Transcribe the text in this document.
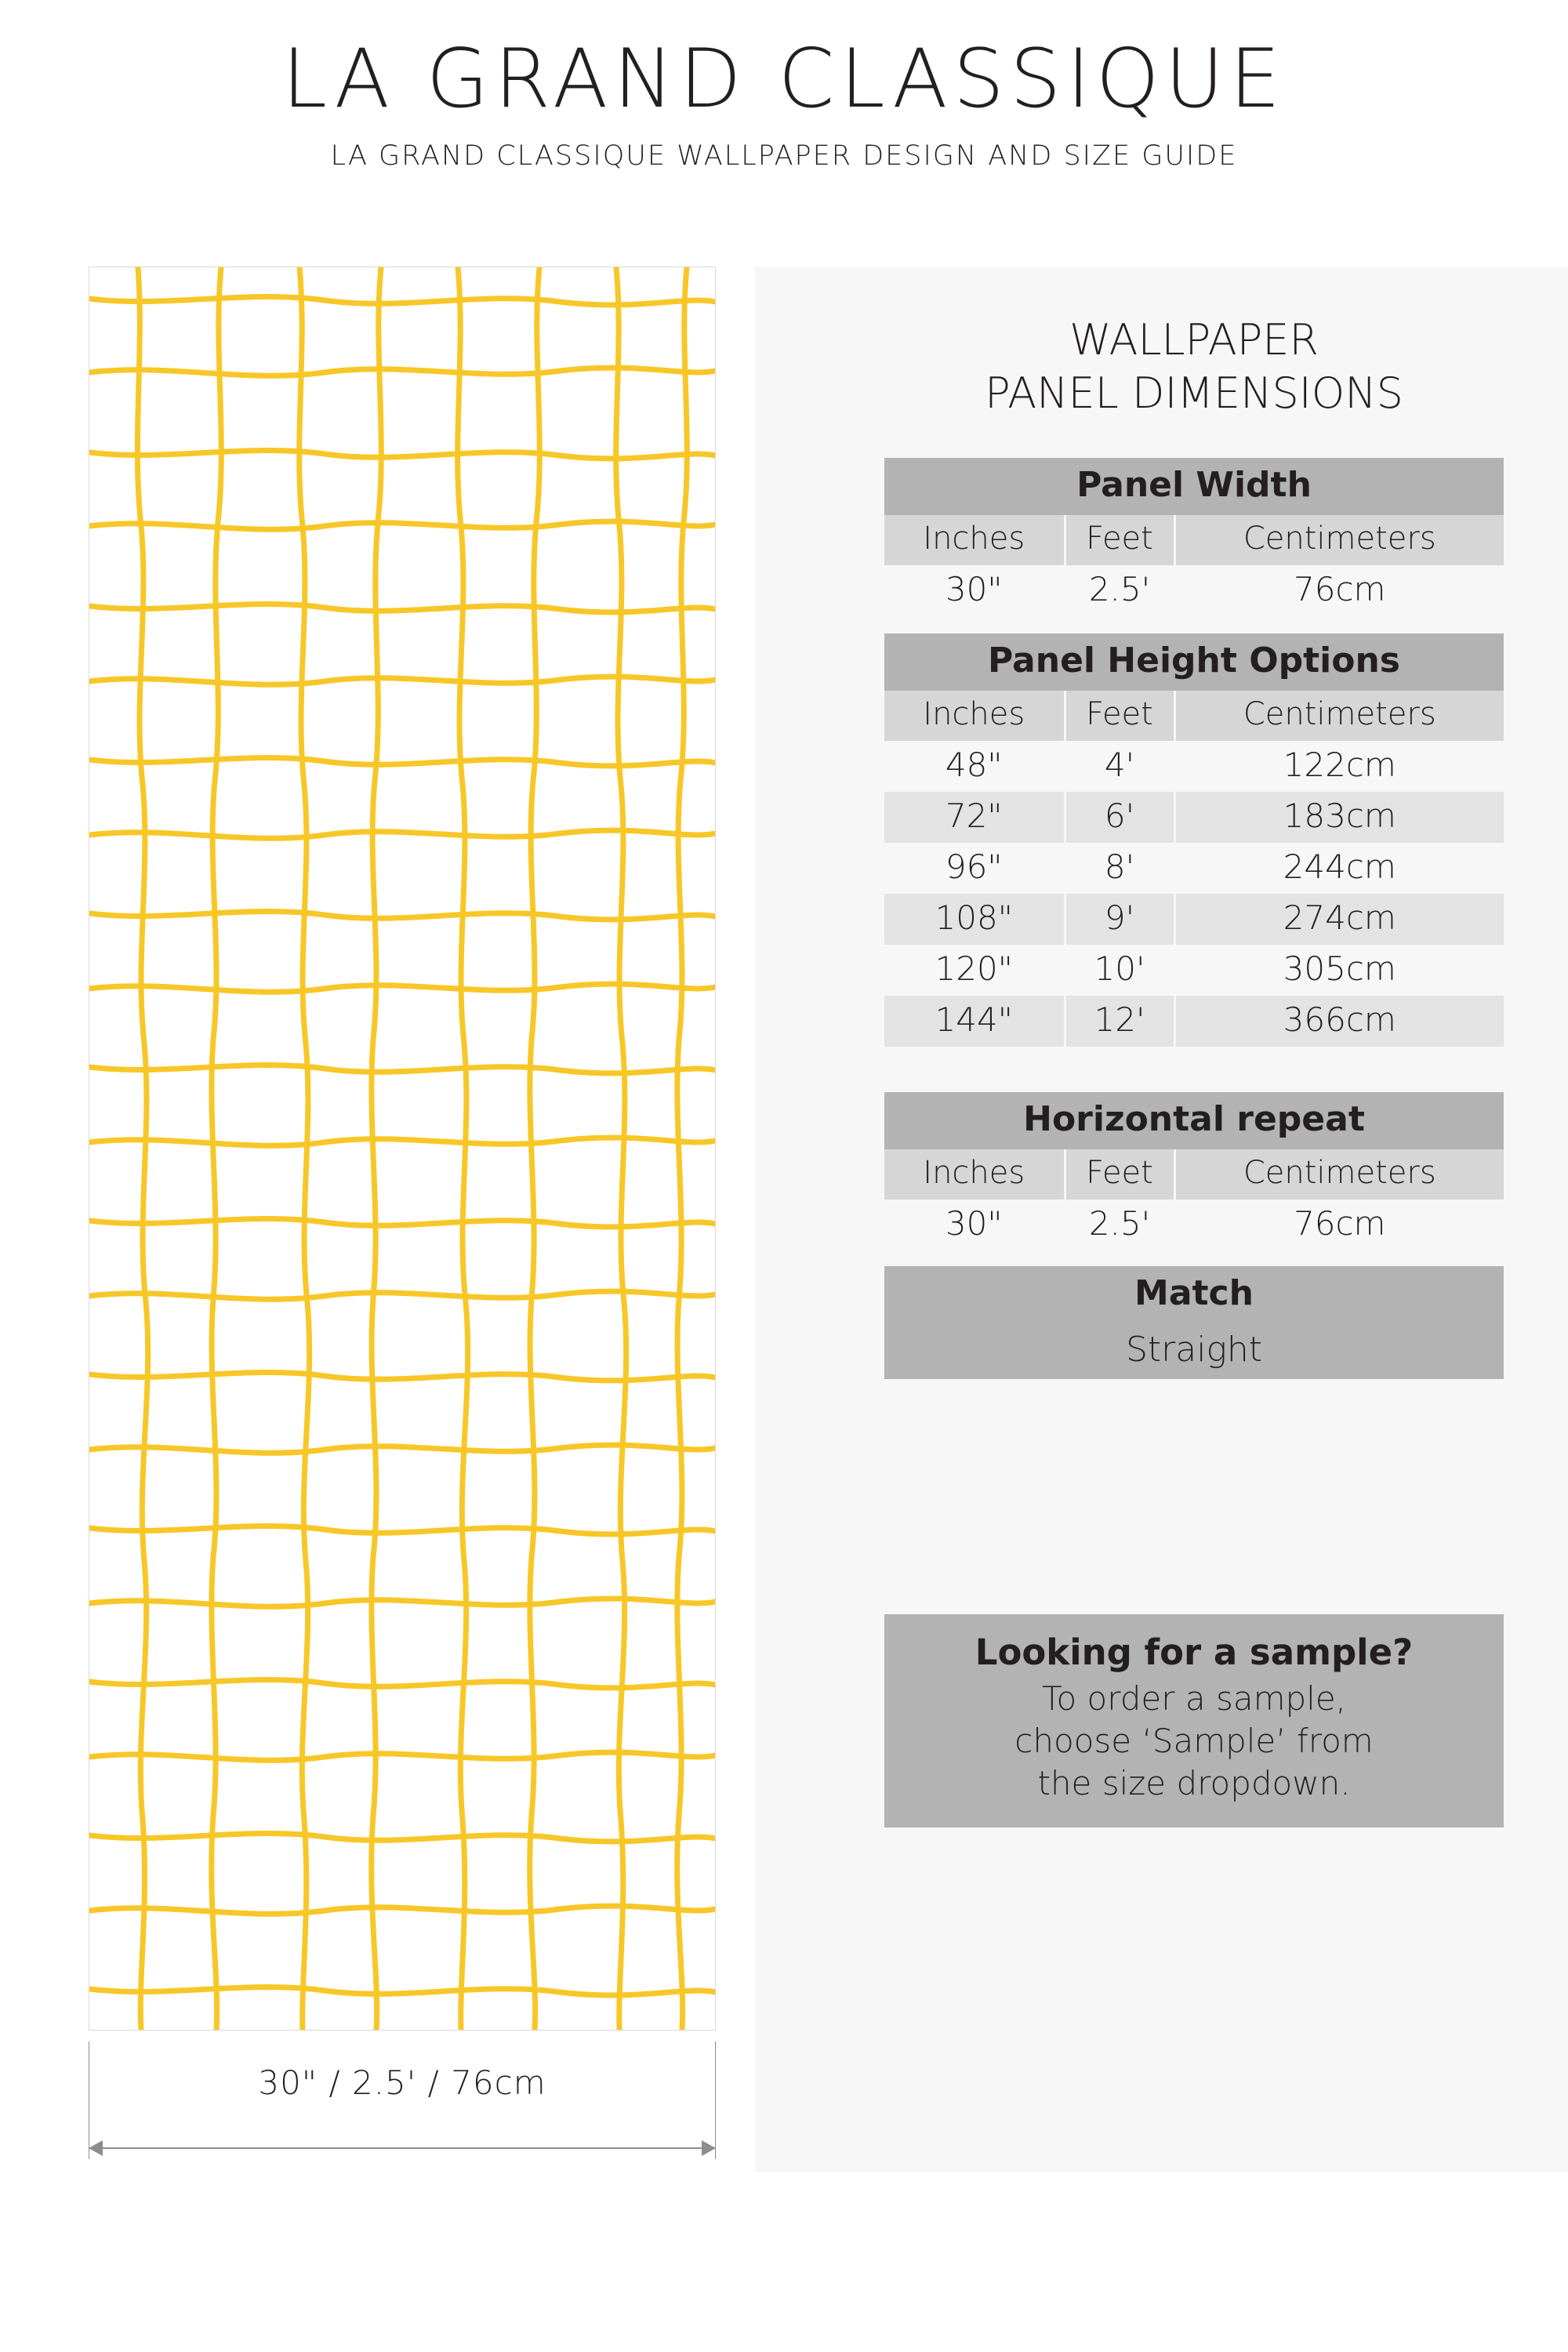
LA GRAND CLASSIQUE
LA GRAND CLASSIQUE WALLPAPER DESIGN AND SIZE GUIDE
30" / 2.5' / 76cm
WALLPAPER
PANEL DIMENSIONS
Panel Width		
Inches	Feet	Centimeters
30"	2.5'	76cm
Panel Height Options		
Inches	Feet	Centimeters
48"	4'	122cm
72"	6'	183cm
96"	8'	244cm
108"	9'	274cm
120"	10'	305cm
144"	12'	366cm
Horizontal repeat		
Inches	Feet	Centimeters
30"	2.5'	76cm
Match
Straight
Looking for a sample?
To order a sample,
choose ‘Sample’ from
the size dropdown.
